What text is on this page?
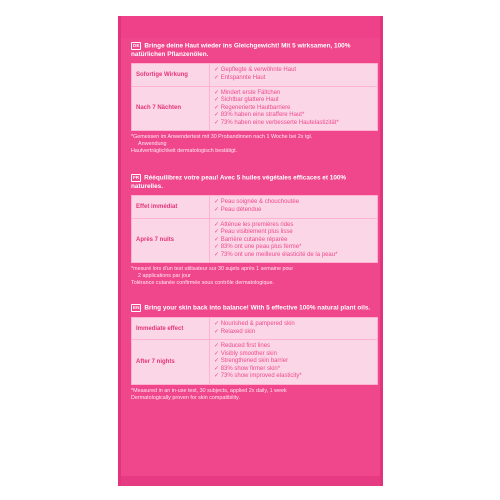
DE Bringe deine Haut wieder ins Gleichgewicht! Mit 5 wirksamen, 100% natürlichen Pflanzenölen.
Sofortige Wirkung
✓ Gepflegte & verwöhnte Haut
✓ Entspannte Haut
Nach 7 Nächten
✓ Mindert erste Fältchen
✓ Sichtbar glattere Haut
✓ Regenerierte Hautbarriere
✓ 83% haben eine straffere Haut*
✓ 73% haben eine verbesserte Hautelastizität*
*Gemessen im Anwendertest mit 30 Probandinnen nach 1 Woche bei 2x tgl.
Anwendung
Hautverträglichkeit dermatologisch bestätigt.
FR Rééquilibrez votre peau! Avec 5 huiles végétales efficaces et 100% naturelles.
Effet immédiat
✓ Peau soignée & chouchoutée
✓ Peau détendue
Après 7 nuits
✓ Atténue les premières rides
✓ Peau visiblement plus lisse
✓ Barrière cutanée réparée
✓ 83% ont une peau plus ferme*
✓ 73% ont une meilleure élasticité de la peau*
*mesuré lors d'un test utilisateur sur 30 sujets après 1 semaine pour
2 applications par jour
Tolérance cutanée confirmée sous contrôle dermatologique.
EN Bring your skin back into balance! With 5 effective 100% natural plant oils.
Immediate effect
✓ Nourished & pampered skin
✓ Relaxed skin
After 7 nights
✓ Reduced first lines
✓ Visibly smoother skin
✓ Strengthened skin barrier
✓ 83% show firmer skin*
✓ 73% show improved elasticity*
*Measured in an in-use test, 30 subjects, applied 2x daily, 1 week
Dermatologically proven for skin compatibility.
